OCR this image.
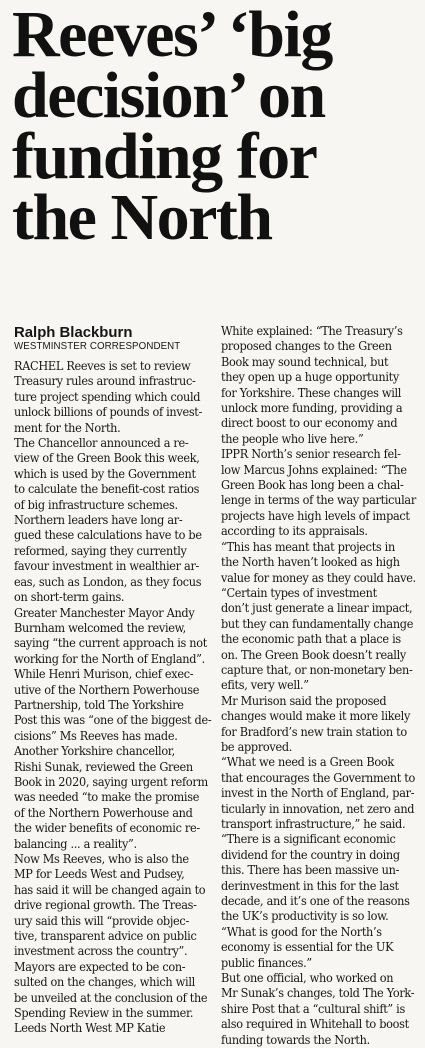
Reeves’ ‘big
decision’ on
funding for
the North
Ralph Blackburn
WESTMINSTER CORRESPONDENT
RACHEL Reeves is set to review
Treasury rules around infrastruc-
ture project spending which could
unlock billions of pounds of invest-
ment for the North.
The Chancellor announced a re-
view of the Green Book this week,
which is used by the Government
to calculate the benefit-cost ratios
of big infrastructure schemes.
Northern leaders have long ar-
gued these calculations have to be
reformed, saying they currently
favour investment in wealthier ar-
eas, such as London, as they focus
on short-term gains.
Greater Manchester Mayor Andy
Burnham welcomed the review,
saying “the current approach is not
working for the North of England”.
While Henri Murison, chief exec-
utive of the Northern Powerhouse
Partnership, told The Yorkshire
Post this was “one of the biggest de-
cisions” Ms Reeves has made.
Another Yorkshire chancellor,
Rishi Sunak, reviewed the Green
Book in 2020, saying urgent reform
was needed “to make the promise
of the Northern Powerhouse and
the wider benefits of economic re-
balancing ... a reality”.
Now Ms Reeves, who is also the
MP for Leeds West and Pudsey,
has said it will be changed again to
drive regional growth. The Treas-
ury said this will “provide objec-
tive, transparent advice on public
investment across the country”.
Mayors are expected to be con-
sulted on the changes, which will
be unveiled at the conclusion of the
Spending Review in the summer.
Leeds North West MP Katie
White explained: “The Treasury’s
proposed changes to the Green
Book may sound technical, but
they open up a huge opportunity
for Yorkshire. These changes will
unlock more funding, providing a
direct boost to our economy and
the people who live here.”
IPPR North’s senior research fel-
low Marcus Johns explained: “The
Green Book has long been a chal-
lenge in terms of the way particular
projects have high levels of impact
according to its appraisals.
“This has meant that projects in
the North haven’t looked as high
value for money as they could have.
“Certain types of investment
don’t just generate a linear impact,
but they can fundamentally change
the economic path that a place is
on. The Green Book doesn’t really
capture that, or non-monetary ben-
efits, very well.”
Mr Murison said the proposed
changes would make it more likely
for Bradford’s new train station to
be approved.
“What we need is a Green Book
that encourages the Government to
invest in the North of England, par-
ticularly in innovation, net zero and
transport infrastructure,” he said.
“There is a significant economic
dividend for the country in doing
this. There has been massive un-
derinvestment in this for the last
decade, and it’s one of the reasons
the UK’s productivity is so low.
“What is good for the North’s
economy is essential for the UK
public finances.”
But one official, who worked on
Mr Sunak’s changes, told The York-
shire Post that a “cultural shift” is
also required in Whitehall to boost
funding towards the North.
